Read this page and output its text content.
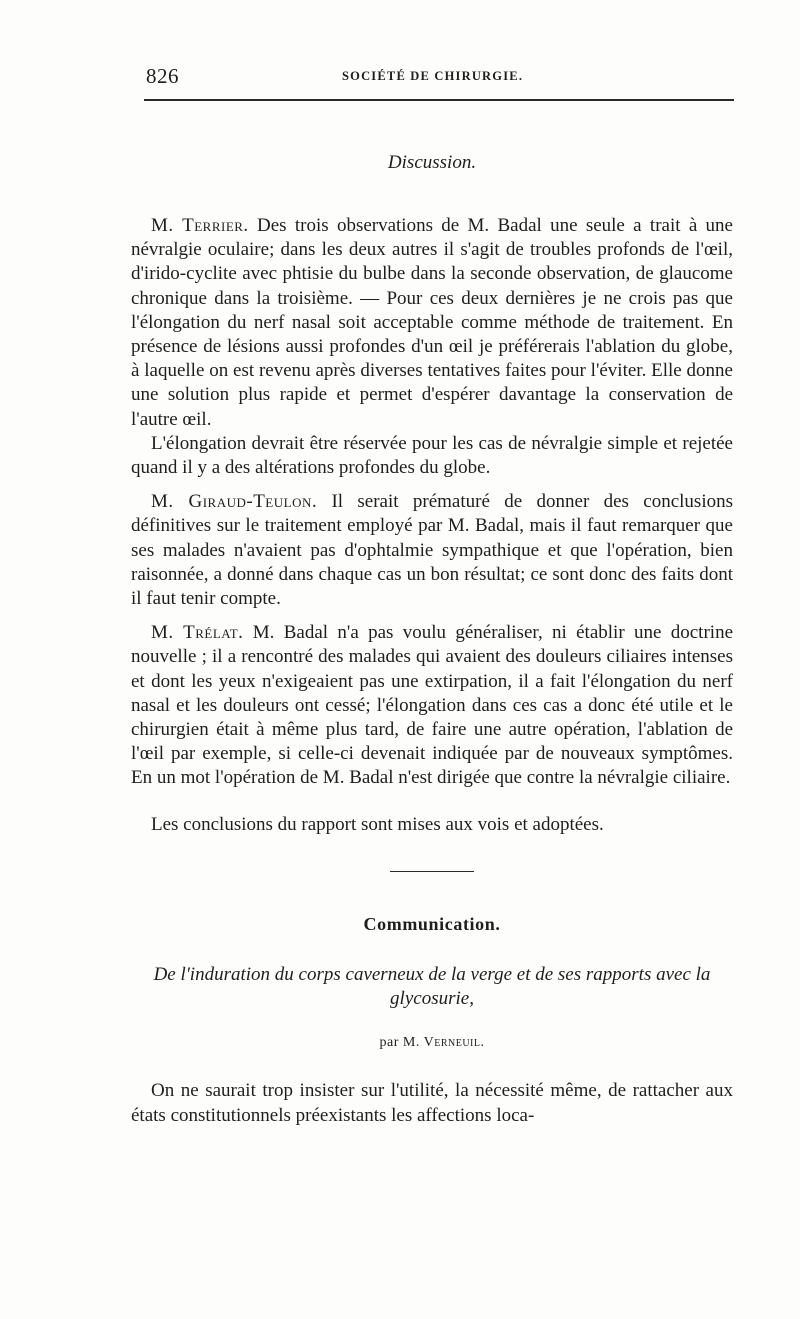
826	SOCIÉTÉ DE CHIRURGIE.
Discussion.

M. Terrier. Des trois observations de M. Badal une seule a trait à une névralgie oculaire; dans les deux autres il s'agit de troubles profonds de l'œil, d'irido-cyclite avec phtisie du bulbe dans la seconde observation, de glaucome chronique dans la troisième. — Pour ces deux dernières je ne crois pas que l'élongation du nerf nasal soit acceptable comme méthode de traitement. En présence de lésions aussi profondes d'un œil je préférerais l'ablation du globe, à laquelle on est revenu après diverses tentatives faites pour l'éviter. Elle donne une solution plus rapide et permet d'espérer davantage la conservation de l'autre œil.

L'élongation devrait être réservée pour les cas de névralgie simple et rejetée quand il y a des altérations profondes du globe.

M. Giraud-Teulon. Il serait prématuré de donner des conclusions définitives sur le traitement employé par M. Badal, mais il faut remarquer que ses malades n'avaient pas d'ophtalmie sympathique et que l'opération, bien raisonnée, a donné dans chaque cas un bon résultat; ce sont donc des faits dont il faut tenir compte.

M. Trélat. M. Badal n'a pas voulu généraliser, ni établir une doctrine nouvelle ; il a rencontré des malades qui avaient des douleurs ciliaires intenses et dont les yeux n'exigeaient pas une extirpation, il a fait l'élongation du nerf nasal et les douleurs ont cessé; l'élongation dans ces cas a donc été utile et le chirurgien était à même plus tard, de faire une autre opération, l'ablation de l'œil par exemple, si celle-ci devenait indiquée par de nouveaux symptômes. En un mot l'opération de M. Badal n'est dirigée que contre la névralgie ciliaire.

Les conclusions du rapport sont mises aux vois et adoptées.

Communication.
De l'induration du corps caverneux de la verge et de ses rapports avec la glycosurie,
par M. Verneuil.

On ne saurait trop insister sur l'utilité, la nécessité même, de rattacher aux états constitutionnels préexistants les affections loca-
